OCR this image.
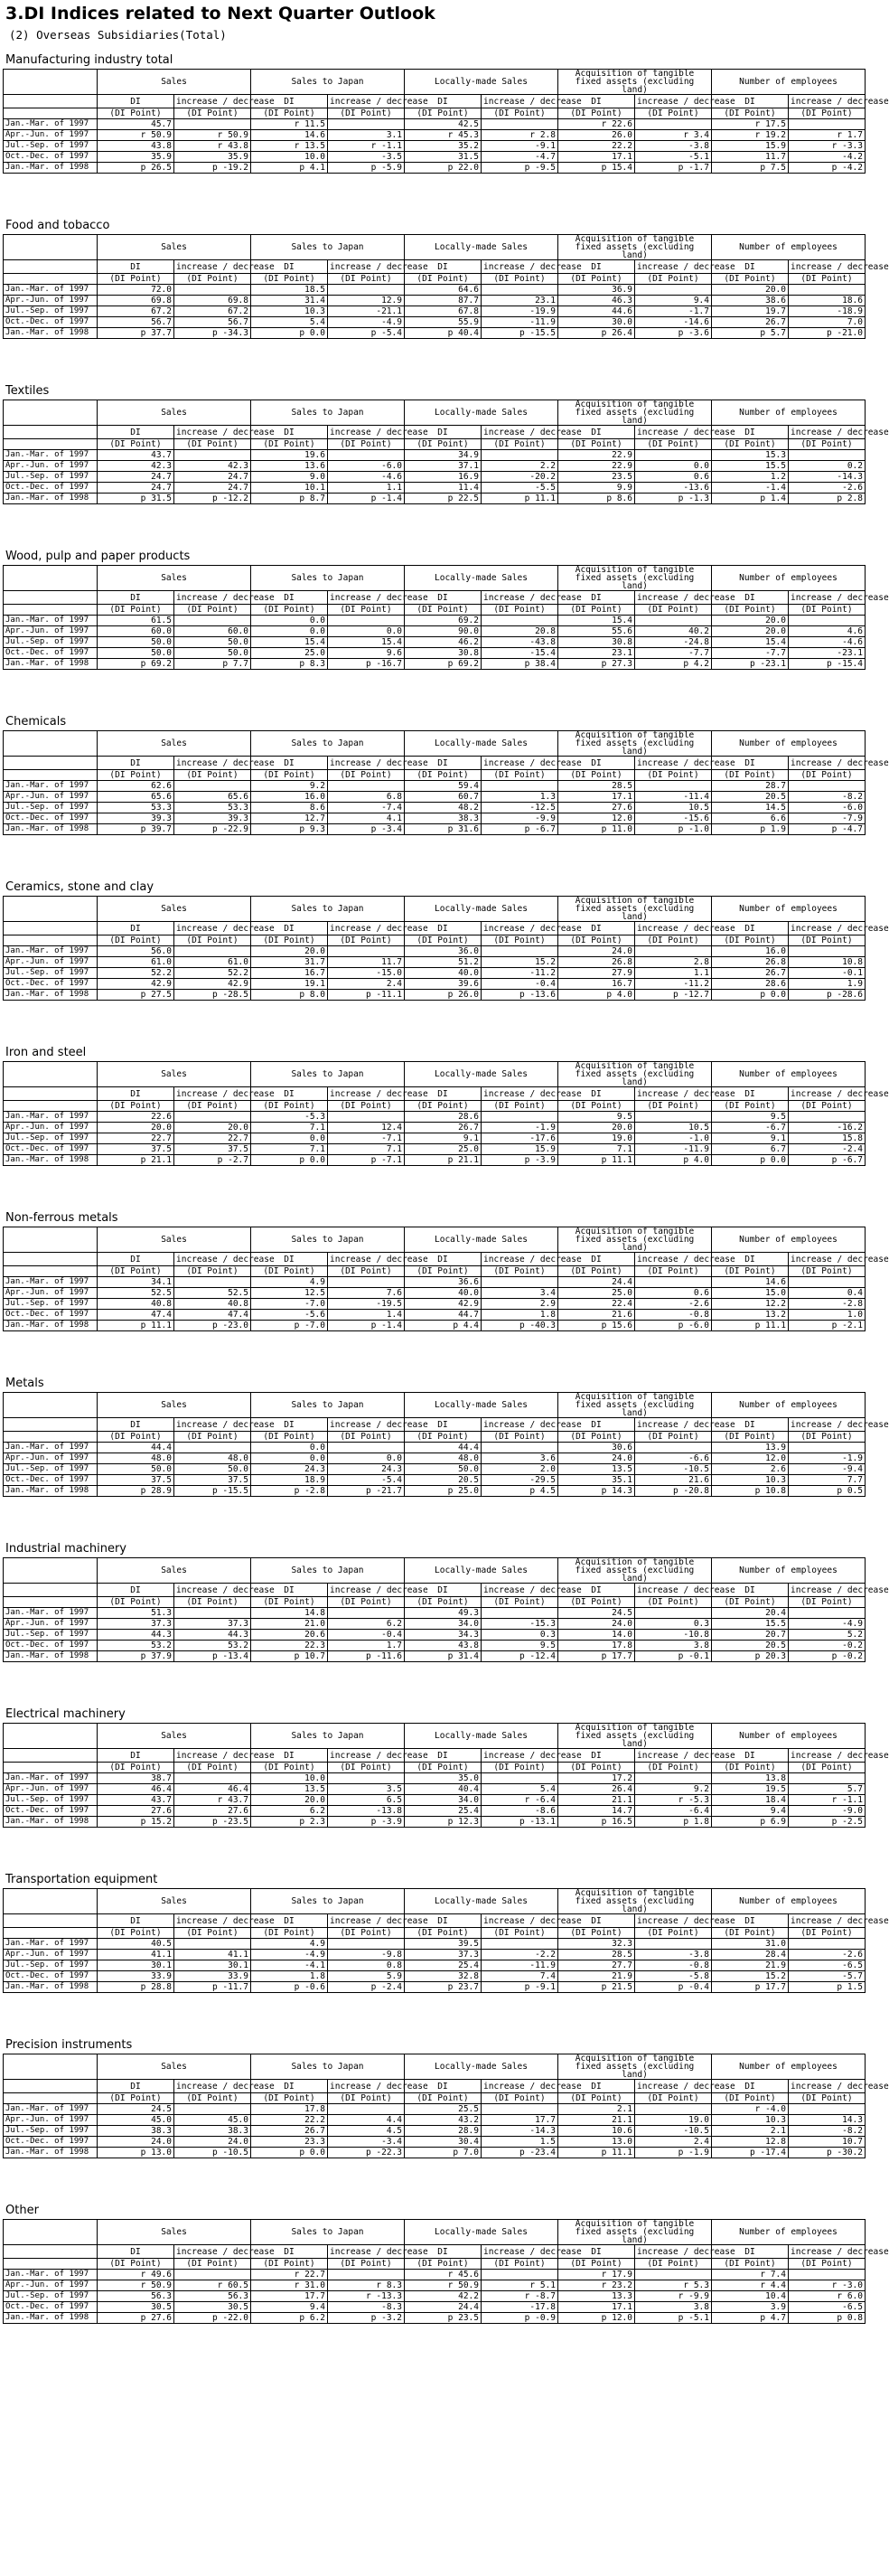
3.DI Indices related to Next Quarter Outlook
(2) Overseas Subsidiaries(Total)
Manufacturing industry total
	Sales		Sales to Japan		Locally-made Sales		Acquisition of tangible fixed assets (excluding land)		Number of employees	
	DI	increase / decrease	DI	increase / decrease	DI	increase / decrease	DI	increase / decrease	DI	increase / decrease
	(DI Point)	(DI Point)	(DI Point)	(DI Point)	(DI Point)	(DI Point)	(DI Point)	(DI Point)	(DI Point)	(DI Point)
Jan.-Mar. of 1997	45.7		r 11.5		42.5		r 22.6		r 17.5	
Apr.-Jun. of 1997	r 50.9	r 50.9	14.6	3.1	r 45.3	r 2.8	26.0	r 3.4	r 19.2	r 1.7
Jul.-Sep. of 1997	43.8	r 43.8	r 13.5	r -1.1	35.2	-9.1	22.2	-3.8	15.9	r -3.3
Oct.-Dec. of 1997	35.9	35.9	10.0	-3.5	31.5	-4.7	17.1	-5.1	11.7	-4.2
Jan.-Mar. of 1998	p 26.5	p -19.2	p 4.1	p -5.9	p 22.0	p -9.5	p 15.4	p -1.7	p 7.5	p -4.2
Food and tobacco
	Sales		Sales to Japan		Locally-made Sales		Acquisition of tangible fixed assets (excluding land)		Number of employees	
	DI	increase / decrease	DI	increase / decrease	DI	increase / decrease	DI	increase / decrease	DI	increase / decrease
	(DI Point)	(DI Point)	(DI Point)	(DI Point)	(DI Point)	(DI Point)	(DI Point)	(DI Point)	(DI Point)	(DI Point)
Jan.-Mar. of 1997	72.0		18.5		64.6		36.9		20.0	
Apr.-Jun. of 1997	69.8	69.8	31.4	12.9	87.7	23.1	46.3	9.4	38.6	18.6
Jul.-Sep. of 1997	67.2	67.2	10.3	-21.1	67.8	-19.9	44.6	-1.7	19.7	-18.9
Oct.-Dec. of 1997	56.7	56.7	5.4	-4.9	55.9	-11.9	30.0	-14.6	26.7	7.0
Jan.-Mar. of 1998	p 37.7	p -34.3	p 0.0	p -5.4	p 40.4	p -15.5	p 26.4	p -3.6	p 5.7	p -21.0
Textiles
	Sales		Sales to Japan		Locally-made Sales		Acquisition of tangible fixed assets (excluding land)		Number of employees	
	DI	increase / decrease	DI	increase / decrease	DI	increase / decrease	DI	increase / decrease	DI	increase / decrease
	(DI Point)	(DI Point)	(DI Point)	(DI Point)	(DI Point)	(DI Point)	(DI Point)	(DI Point)	(DI Point)	(DI Point)
Jan.-Mar. of 1997	43.7		19.6		34.9		22.9		15.3	
Apr.-Jun. of 1997	42.3	42.3	13.6	-6.0	37.1	2.2	22.9	0.0	15.5	0.2
Jul.-Sep. of 1997	24.7	24.7	9.0	-4.6	16.9	-20.2	23.5	0.6	1.2	-14.3
Oct.-Dec. of 1997	24.7	24.7	10.1	1.1	11.4	-5.5	9.9	-13.6	-1.4	-2.6
Jan.-Mar. of 1998	p 31.5	p -12.2	p 8.7	p -1.4	p 22.5	p 11.1	p 8.6	p -1.3	p 1.4	p 2.8
Wood, pulp and paper products
	Sales		Sales to Japan		Locally-made Sales		Acquisition of tangible fixed assets (excluding land)		Number of employees	
	DI	increase / decrease	DI	increase / decrease	DI	increase / decrease	DI	increase / decrease	DI	increase / decrease
	(DI Point)	(DI Point)	(DI Point)	(DI Point)	(DI Point)	(DI Point)	(DI Point)	(DI Point)	(DI Point)	(DI Point)
Jan.-Mar. of 1997	61.5		0.0		69.2		15.4		20.0	
Apr.-Jun. of 1997	60.0	60.0	0.0	0.0	90.0	20.8	55.6	40.2	20.0	4.6
Jul.-Sep. of 1997	50.0	50.0	15.4	15.4	46.2	-43.8	30.8	-24.8	15.4	-4.6
Oct.-Dec. of 1997	50.0	50.0	25.0	9.6	30.8	-15.4	23.1	-7.7	-7.7	-23.1
Jan.-Mar. of 1998	p 69.2	p 7.7	p 8.3	p -16.7	p 69.2	p 38.4	p 27.3	p 4.2	p -23.1	p -15.4
Chemicals
	Sales		Sales to Japan		Locally-made Sales		Acquisition of tangible fixed assets (excluding land)		Number of employees	
	DI	increase / decrease	DI	increase / decrease	DI	increase / decrease	DI	increase / decrease	DI	increase / decrease
	(DI Point)	(DI Point)	(DI Point)	(DI Point)	(DI Point)	(DI Point)	(DI Point)	(DI Point)	(DI Point)	(DI Point)
Jan.-Mar. of 1997	62.6		9.2		59.4		28.5		28.7	
Apr.-Jun. of 1997	65.6	65.6	16.0	6.8	60.7	1.3	17.1	-11.4	20.5	-8.2
Jul.-Sep. of 1997	53.3	53.3	8.6	-7.4	48.2	-12.5	27.6	10.5	14.5	-6.0
Oct.-Dec. of 1997	39.3	39.3	12.7	4.1	38.3	-9.9	12.0	-15.6	6.6	-7.9
Jan.-Mar. of 1998	p 39.7	p -22.9	p 9.3	p -3.4	p 31.6	p -6.7	p 11.0	p -1.0	p 1.9	p -4.7
Ceramics, stone and clay
	Sales		Sales to Japan		Locally-made Sales		Acquisition of tangible fixed assets (excluding land)		Number of employees	
	DI	increase / decrease	DI	increase / decrease	DI	increase / decrease	DI	increase / decrease	DI	increase / decrease
	(DI Point)	(DI Point)	(DI Point)	(DI Point)	(DI Point)	(DI Point)	(DI Point)	(DI Point)	(DI Point)	(DI Point)
Jan.-Mar. of 1997	56.0		20.0		36.0		24.0		16.0	
Apr.-Jun. of 1997	61.0	61.0	31.7	11.7	51.2	15.2	26.8	2.8	26.8	10.8
Jul.-Sep. of 1997	52.2	52.2	16.7	-15.0	40.0	-11.2	27.9	1.1	26.7	-0.1
Oct.-Dec. of 1997	42.9	42.9	19.1	2.4	39.6	-0.4	16.7	-11.2	28.6	1.9
Jan.-Mar. of 1998	p 27.5	p -28.5	p 8.0	p -11.1	p 26.0	p -13.6	p 4.0	p -12.7	p 0.0	p -28.6
Iron and steel
	Sales		Sales to Japan		Locally-made Sales		Acquisition of tangible fixed assets (excluding land)		Number of employees	
	DI	increase / decrease	DI	increase / decrease	DI	increase / decrease	DI	increase / decrease	DI	increase / decrease
	(DI Point)	(DI Point)	(DI Point)	(DI Point)	(DI Point)	(DI Point)	(DI Point)	(DI Point)	(DI Point)	(DI Point)
Jan.-Mar. of 1997	22.6		-5.3		28.6		9.5		9.5	
Apr.-Jun. of 1997	20.0	20.0	7.1	12.4	26.7	-1.9	20.0	10.5	-6.7	-16.2
Jul.-Sep. of 1997	22.7	22.7	0.0	-7.1	9.1	-17.6	19.0	-1.0	9.1	15.8
Oct.-Dec. of 1997	37.5	37.5	7.1	7.1	25.0	15.9	7.1	-11.9	6.7	-2.4
Jan.-Mar. of 1998	p 21.1	p -2.7	p 0.0	p -7.1	p 21.1	p -3.9	p 11.1	p 4.0	p 0.0	p -6.7
Non-ferrous metals
	Sales		Sales to Japan		Locally-made Sales		Acquisition of tangible fixed assets (excluding land)		Number of employees	
	DI	increase / decrease	DI	increase / decrease	DI	increase / decrease	DI	increase / decrease	DI	increase / decrease
	(DI Point)	(DI Point)	(DI Point)	(DI Point)	(DI Point)	(DI Point)	(DI Point)	(DI Point)	(DI Point)	(DI Point)
Jan.-Mar. of 1997	34.1		4.9		36.6		24.4		14.6	
Apr.-Jun. of 1997	52.5	52.5	12.5	7.6	40.0	3.4	25.0	0.6	15.0	0.4
Jul.-Sep. of 1997	40.8	40.8	-7.0	-19.5	42.9	2.9	22.4	-2.6	12.2	-2.8
Oct.-Dec. of 1997	47.4	47.4	-5.6	1.4	44.7	1.8	21.6	-0.8	13.2	1.0
Jan.-Mar. of 1998	p 11.1	p -23.0	p -7.0	p -1.4	p 4.4	p -40.3	p 15.6	p -6.0	p 11.1	p -2.1
Metals
	Sales		Sales to Japan		Locally-made Sales		Acquisition of tangible fixed assets (excluding land)		Number of employees	
	DI	increase / decrease	DI	increase / decrease	DI	increase / decrease	DI	increase / decrease	DI	increase / decrease
	(DI Point)	(DI Point)	(DI Point)	(DI Point)	(DI Point)	(DI Point)	(DI Point)	(DI Point)	(DI Point)	(DI Point)
Jan.-Mar. of 1997	44.4		0.0		44.4		30.6		13.9	
Apr.-Jun. of 1997	48.0	48.0	0.0	0.0	48.0	3.6	24.0	-6.6	12.0	-1.9
Jul.-Sep. of 1997	50.0	50.0	24.3	24.3	50.0	2.0	13.5	-10.5	2.6	-9.4
Oct.-Dec. of 1997	37.5	37.5	18.9	-5.4	20.5	-29.5	35.1	21.6	10.3	7.7
Jan.-Mar. of 1998	p 28.9	p -15.5	p -2.8	p -21.7	p 25.0	p 4.5	p 14.3	p -20.8	p 10.8	p 0.5
Industrial machinery
	Sales		Sales to Japan		Locally-made Sales		Acquisition of tangible fixed assets (excluding land)		Number of employees	
	DI	increase / decrease	DI	increase / decrease	DI	increase / decrease	DI	increase / decrease	DI	increase / decrease
	(DI Point)	(DI Point)	(DI Point)	(DI Point)	(DI Point)	(DI Point)	(DI Point)	(DI Point)	(DI Point)	(DI Point)
Jan.-Mar. of 1997	51.3		14.8		49.3		24.5		20.4	
Apr.-Jun. of 1997	37.3	37.3	21.0	6.2	34.0	-15.3	24.0	0.3	15.5	-4.9
Jul.-Sep. of 1997	44.3	44.3	20.6	-0.4	34.3	0.3	14.0	-10.8	20.7	5.2
Oct.-Dec. of 1997	53.2	53.2	22.3	1.7	43.8	9.5	17.8	3.8	20.5	-0.2
Jan.-Mar. of 1998	p 37.9	p -13.4	p 10.7	p -11.6	p 31.4	p -12.4	p 17.7	p -0.1	p 20.3	p -0.2
Electrical machinery
	Sales		Sales to Japan		Locally-made Sales		Acquisition of tangible fixed assets (excluding land)		Number of employees	
	DI	increase / decrease	DI	increase / decrease	DI	increase / decrease	DI	increase / decrease	DI	increase / decrease
	(DI Point)	(DI Point)	(DI Point)	(DI Point)	(DI Point)	(DI Point)	(DI Point)	(DI Point)	(DI Point)	(DI Point)
Jan.-Mar. of 1997	38.7		10.0		35.0		17.2		13.8	
Apr.-Jun. of 1997	46.4	46.4	13.5	3.5	40.4	5.4	26.4	9.2	19.5	5.7
Jul.-Sep. of 1997	43.7	r 43.7	20.0	6.5	34.0	r -6.4	21.1	r -5.3	18.4	r -1.1
Oct.-Dec. of 1997	27.6	27.6	6.2	-13.8	25.4	-8.6	14.7	-6.4	9.4	-9.0
Jan.-Mar. of 1998	p 15.2	p -23.5	p 2.3	p -3.9	p 12.3	p -13.1	p 16.5	p 1.8	p 6.9	p -2.5
Transportation equipment
	Sales		Sales to Japan		Locally-made Sales		Acquisition of tangible fixed assets (excluding land)		Number of employees	
	DI	increase / decrease	DI	increase / decrease	DI	increase / decrease	DI	increase / decrease	DI	increase / decrease
	(DI Point)	(DI Point)	(DI Point)	(DI Point)	(DI Point)	(DI Point)	(DI Point)	(DI Point)	(DI Point)	(DI Point)
Jan.-Mar. of 1997	40.5		4.9		39.5		32.3		31.0	
Apr.-Jun. of 1997	41.1	41.1	-4.9	-9.8	37.3	-2.2	28.5	-3.8	28.4	-2.6
Jul.-Sep. of 1997	30.1	30.1	-4.1	0.8	25.4	-11.9	27.7	-0.8	21.9	-6.5
Oct.-Dec. of 1997	33.9	33.9	1.8	5.9	32.8	7.4	21.9	-5.8	15.2	-5.7
Jan.-Mar. of 1998	p 28.8	p -11.7	p -0.6	p -2.4	p 23.7	p -9.1	p 21.5	p -0.4	p 17.7	p 1.5
Precision instruments
	Sales		Sales to Japan		Locally-made Sales		Acquisition of tangible fixed assets (excluding land)		Number of employees	
	DI	increase / decrease	DI	increase / decrease	DI	increase / decrease	DI	increase / decrease	DI	increase / decrease
	(DI Point)	(DI Point)	(DI Point)	(DI Point)	(DI Point)	(DI Point)	(DI Point)	(DI Point)	(DI Point)	(DI Point)
Jan.-Mar. of 1997	24.5		17.8		25.5		2.1		r -4.0	
Apr.-Jun. of 1997	45.0	45.0	22.2	4.4	43.2	17.7	21.1	19.0	10.3	14.3
Jul.-Sep. of 1997	38.3	38.3	26.7	4.5	28.9	-14.3	10.6	-10.5	2.1	-8.2
Oct.-Dec. of 1997	24.0	24.0	23.3	-3.4	30.4	1.5	13.0	2.4	12.8	10.7
Jan.-Mar. of 1998	p 13.0	p -10.5	p 0.0	p -22.3	p 7.0	p -23.4	p 11.1	p -1.9	p -17.4	p -30.2
Other
	Sales		Sales to Japan		Locally-made Sales		Acquisition of tangible fixed assets (excluding land)		Number of employees	
	DI	increase / decrease	DI	increase / decrease	DI	increase / decrease	DI	increase / decrease	DI	increase / decrease
	(DI Point)	(DI Point)	(DI Point)	(DI Point)	(DI Point)	(DI Point)	(DI Point)	(DI Point)	(DI Point)	(DI Point)
Jan.-Mar. of 1997	r 49.6		r 22.7		r 45.6		r 17.9		r 7.4	
Apr.-Jun. of 1997	r 50.9	r 60.5	r 31.0	r 8.3	r 50.9	r 5.1	r 23.2	r 5.3	r 4.4	r -3.0
Jul.-Sep. of 1997	56.3	56.3	17.7	r -13.3	42.2	r -8.7	13.3	r -9.9	10.4	r 6.0
Oct.-Dec. of 1997	30.5	30.5	9.4	-8.3	24.4	-17.8	17.1	3.8	3.9	-6.5
Jan.-Mar. of 1998	p 27.6	p -22.0	p 6.2	p -3.2	p 23.5	p -0.9	p 12.0	p -5.1	p 4.7	p 0.8
